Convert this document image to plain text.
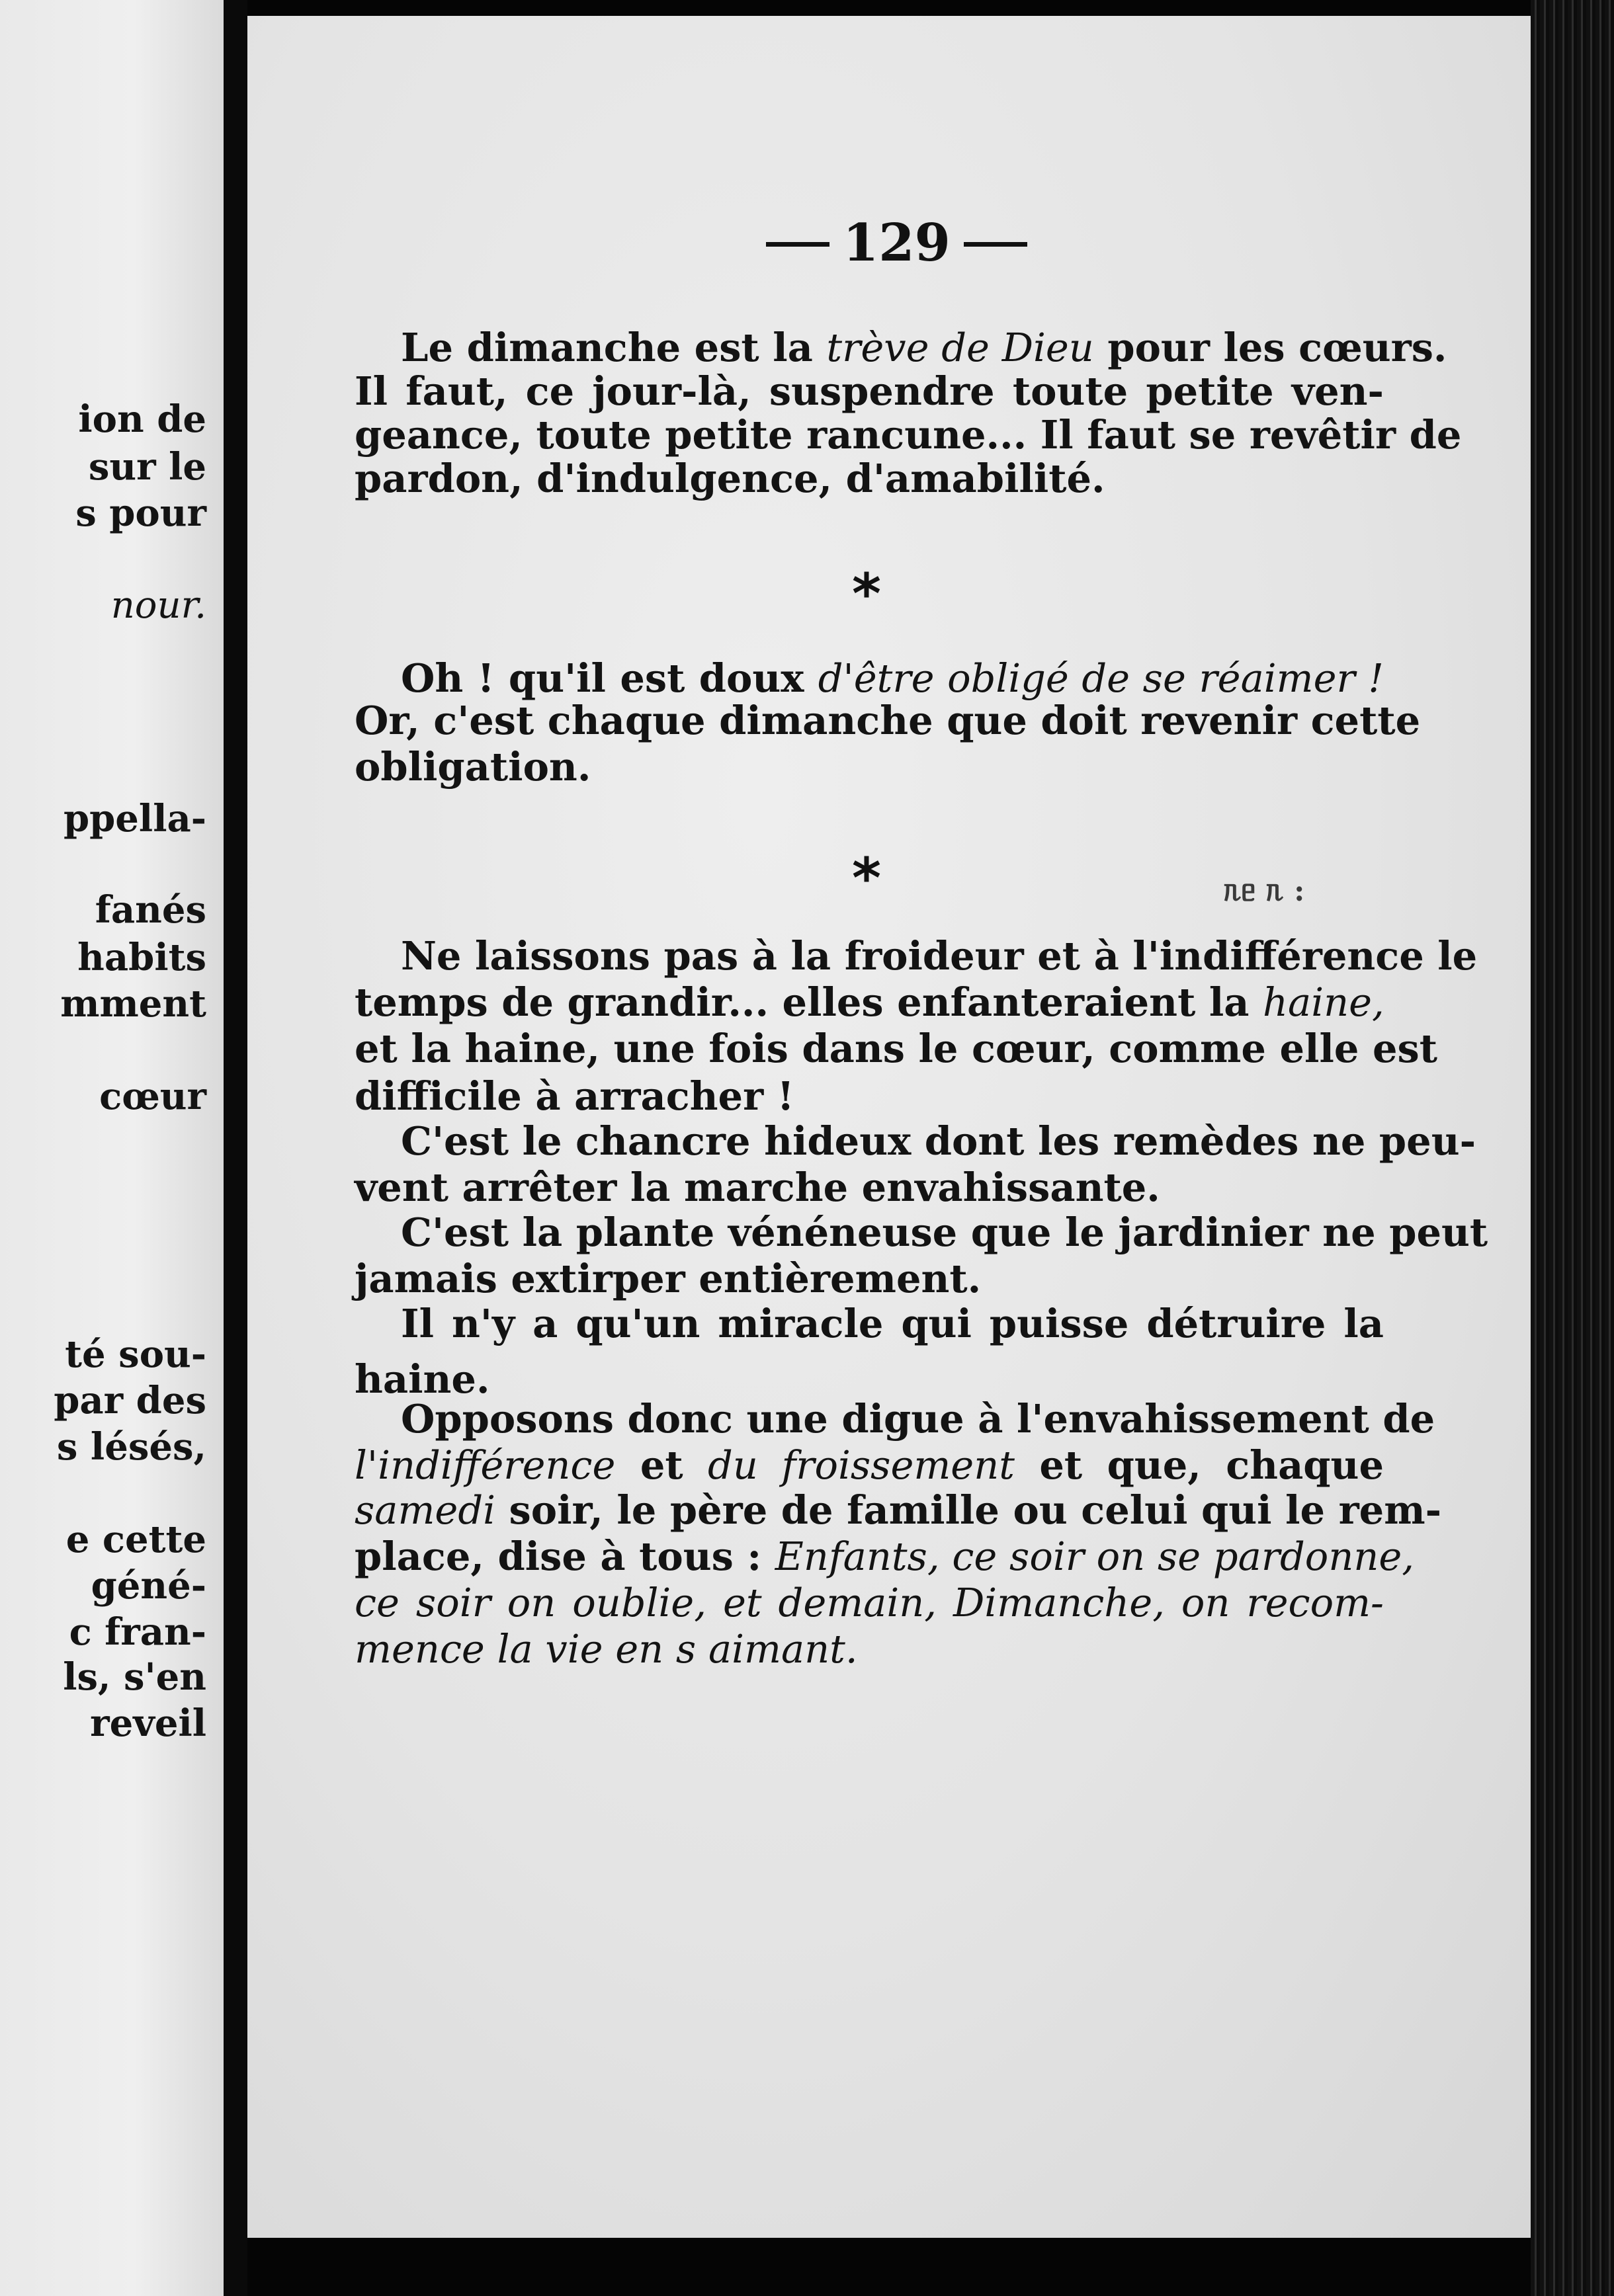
ion de
sur le
s pour
nour.
ppella-
fanés
habits
mment
cœur
té sou-
par des
s lésés,
e cette
géné-
c fran-
ls, s'en
reveil
129
Le dimanche est la trève de Dieu pour les cœurs.
Il faut, ce jour-là, suspendre toute petite ven-
geance, toute petite rancune... Il faut se revêtir de
pardon, d'indulgence, d'amabilité.
*
Oh ! qu'il est doux d'être obligé de se réaimer !
Or, c'est chaque dimanche que doit revenir cette
obligation.
*	ᥰᥱ ᥰ :
Ne laissons pas à la froideur et à l'indifférence le
temps de grandir... elles enfanteraient la haine,
et la haine, une fois dans le cœur, comme elle est
difficile à arracher !
C'est le chancre hideux dont les remèdes ne peu-
vent arrêter la marche envahissante.
C'est la plante vénéneuse que le jardinier ne peut
jamais extirper entièrement.
Il n'y a qu'un miracle qui puisse détruire la
haine.
Opposons donc une digue à l'envahissement de
l'indifférence et du froissement et que, chaque
samedi soir, le père de famille ou celui qui le rem-
place, dise à tous : Enfants, ce soir on se pardonne,
ce soir on oublie, et demain, Dimanche, on recom-
mence la vie en s aimant.
